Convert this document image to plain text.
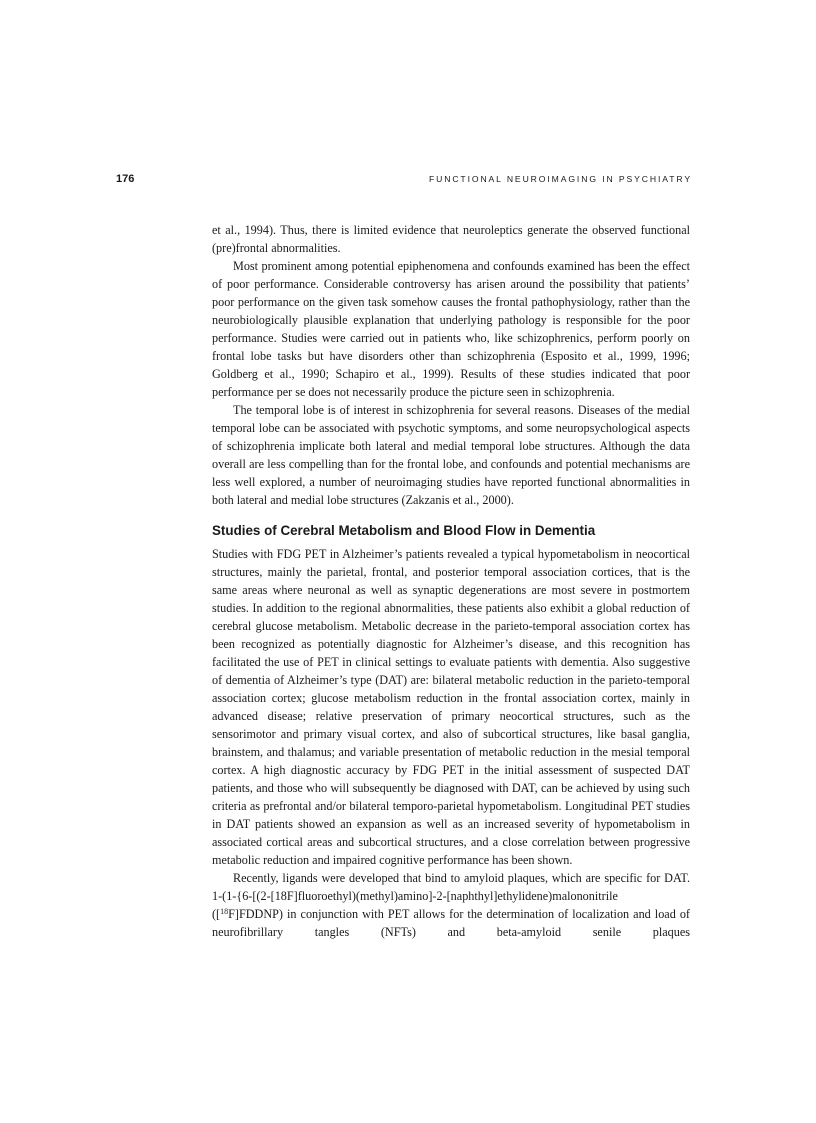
176	FUNCTIONAL NEUROIMAGING IN PSYCHIATRY

et al., 1994). Thus, there is limited evidence that neuroleptics generate the observed functional (pre)frontal abnormalities.

Most prominent among potential epiphenomena and confounds examined has been the effect of poor performance. Considerable controversy has arisen around the possibility that patients’ poor performance on the given task somehow causes the frontal pathophysiology, rather than the neurobiologically plausible explanation that underlying pathology is responsible for the poor performance. Studies were carried out in patients who, like schizophrenics, perform poorly on frontal lobe tasks but have disorders other than schizophrenia (Esposito et al., 1999, 1996; Goldberg et al., 1990; Schapiro et al., 1999). Results of these studies indicated that poor performance per se does not necessarily produce the picture seen in schizophrenia.

The temporal lobe is of interest in schizophrenia for several reasons. Diseases of the medial temporal lobe can be associated with psychotic symptoms, and some neuropsychological aspects of schizophrenia implicate both lateral and medial temporal lobe structures. Although the data overall are less compelling than for the frontal lobe, and confounds and potential mechanisms are less well explored, a number of neuroimaging studies have reported functional abnormalities in both lateral and medial lobe structures (Zakzanis et al., 2000).

Studies of Cerebral Metabolism and Blood Flow in Dementia

Studies with FDG PET in Alzheimer’s patients revealed a typical hypometabolism in neocortical structures, mainly the parietal, frontal, and posterior temporal association cortices, that is the same areas where neuronal as well as synaptic degenerations are most severe in postmortem studies. In addition to the regional abnormalities, these patients also exhibit a global reduction of cerebral glucose metabolism. Metabolic decrease in the parieto-temporal association cortex has been recognized as potentially diagnostic for Alzheimer’s disease, and this recognition has facilitated the use of PET in clinical settings to evaluate patients with dementia. Also suggestive of dementia of Alzheimer’s type (DAT) are: bilateral metabolic reduction in the parieto-temporal association cortex; glucose metabolism reduction in the frontal association cortex, mainly in advanced disease; relative preservation of primary neocortical structures, such as the sensorimotor and primary visual cortex, and also of subcortical structures, like basal ganglia, brainstem, and thalamus; and variable presentation of metabolic reduction in the mesial temporal cortex. A high diagnostic accuracy by FDG PET in the initial assessment of suspected DAT patients, and those who will subsequently be diagnosed with DAT, can be achieved by using such criteria as prefrontal and/or bilateral temporo-parietal hypometabolism. Longitudinal PET studies in DAT patients showed an expansion as well as an increased severity of hypometabolism in associated cortical areas and subcortical structures, and a close correlation between progressive metabolic reduction and impaired cognitive performance has been shown.

Recently, ligands were developed that bind to amyloid plaques, which are specific for DAT. 1-(1-{6-[(2-[18F]fluoroethyl)(methyl)amino]-2-[naphthyl]ethylidene)malononitrile ([$^{18}$F]FDDNP) in conjunction with PET allows for the determination of localization and load of neurofibrillary tangles (NFTs) and beta-amyloid senile plaques
